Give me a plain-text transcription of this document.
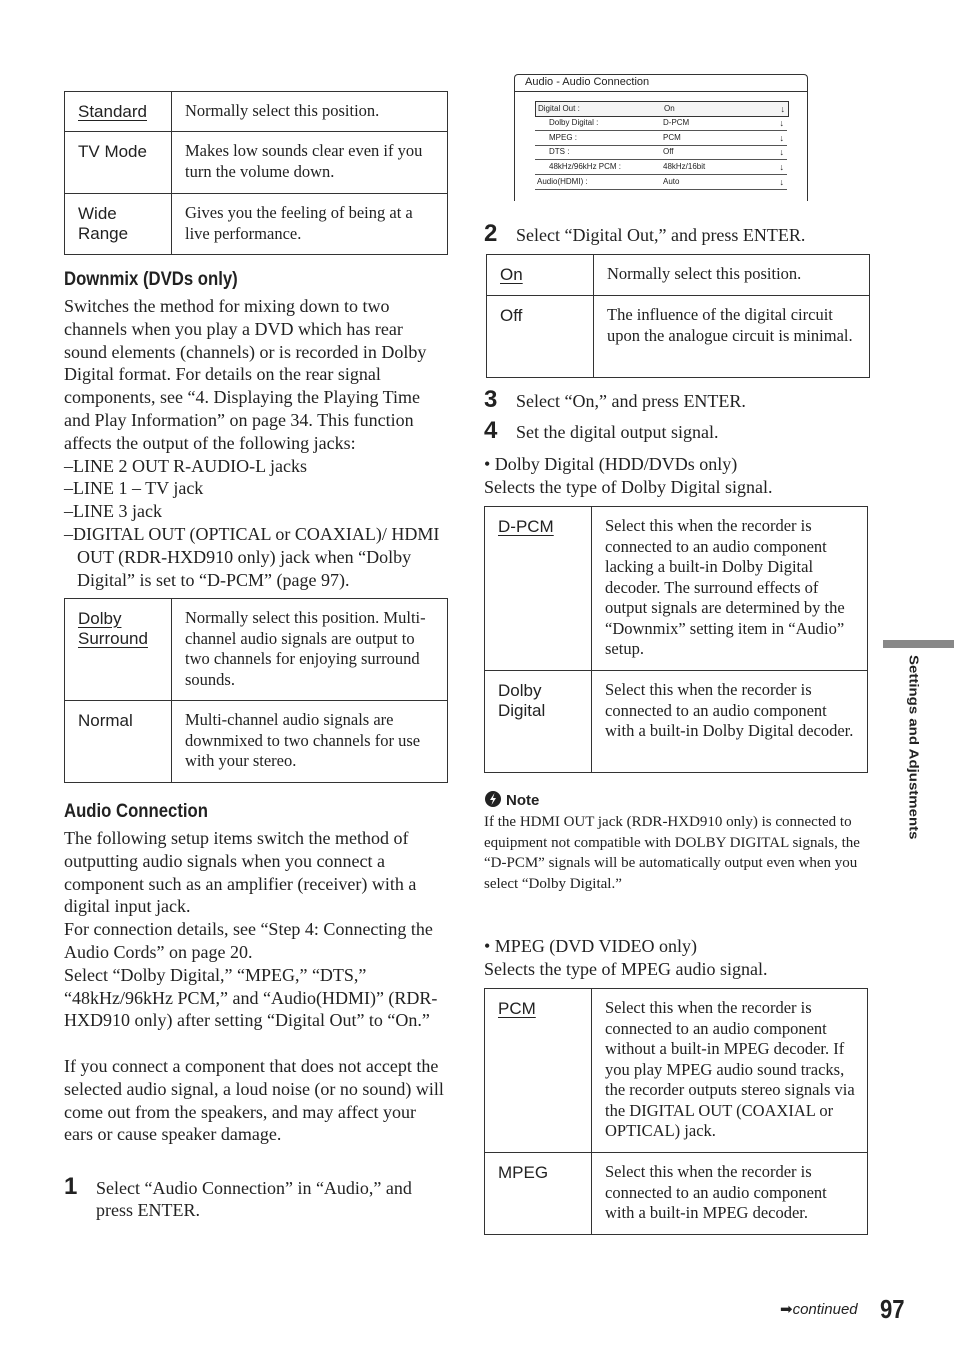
Standard	Normally select this position.
TV Mode	Makes low sounds clear even if you turn the volume down.
Wide Range	Gives you the feeling of being at a live performance.
Downmix (DVDs only)

Switches the method for mixing down to two channels when you play a DVD which has rear sound elements (channels) or is recorded in Dolby Digital format. For details on the rear signal components, see “4. Displaying the Playing Time and Play Information” on page 34. This function affects the output of the following jacks:

–LINE 2 OUT R-AUDIO-L jacks

–LINE 1 – TV jack

–LINE 3 jack

–DIGITAL OUT (OPTICAL or COAXIAL)/ HDMI OUT (RDR-HXD910 only) jack when “Dolby Digital” is set to “D-PCM” (page 97).

Dolby Surround	Normally select this position. Multi-channel audio signals are output to two channels for enjoying surround sounds.
Normal	Multi-channel audio signals are downmixed to two channels for use with your stereo.
Audio Connection

The following setup items switch the method of outputting audio signals when you connect a component such as an amplifier (receiver) with a digital input jack.

For connection details, see “Step 4: Connecting the Audio Cords” on page 20.

Select “Dolby Digital,” “MPEG,” “DTS,” “48kHz/96kHz PCM,” and “Audio(HDMI)” (RDR-HXD910 only) after setting “Digital Out” to “On.”

If you connect a component that does not accept the selected audio signal, a loud noise (or no sound) will come out from the speakers, and may affect your ears or cause speaker damage.

1 Select “Audio Connection” in “Audio,” and press ENTER.
Audio - Audio Connection
Digital Out :	On	↓
Dolby Digital :	D-PCM	↓
MPEG :	PCM	↓
DTS :	Off	↓
48kHz/96kHz PCM :	48kHz/16bit	↓
Audio(HDMI) :	Auto	↓
2 Select “Digital Out,” and press ENTER.
On	Normally select this position.
Off	The influence of the digital circuit upon the analogue circuit is minimal.
3 Select “On,” and press ENTER.
4 Set the digital output signal.
• Dolby Digital (HDD/DVDs only)
Selects the type of Dolby Digital signal.
D-PCM	Select this when the recorder is connected to an audio component lacking a built-in Dolby Digital decoder. The surround effects of output signals are determined by the “Downmix” setting item in “Audio” setup.
Dolby Digital	Select this when the recorder is connected to an audio component with a built-in Dolby Digital decoder.
Note
If the HDMI OUT jack (RDR-HXD910 only) is connected to equipment not compatible with DOLBY DIGITAL signals, the “D-PCM” signals will be automatically output even when you select “Dolby Digital.”
• MPEG (DVD VIDEO only)
Selects the type of MPEG audio signal.
PCM	Select this when the recorder is connected to an audio component without a built-in MPEG decoder. If you play MPEG audio sound tracks, the recorder outputs stereo signals via the DIGITAL OUT (COAXIAL or OPTICAL) jack.
MPEG	Select this when the recorder is connected to an audio component with a built-in MPEG decoder.
Settings and Adjustments
➡continued 97
